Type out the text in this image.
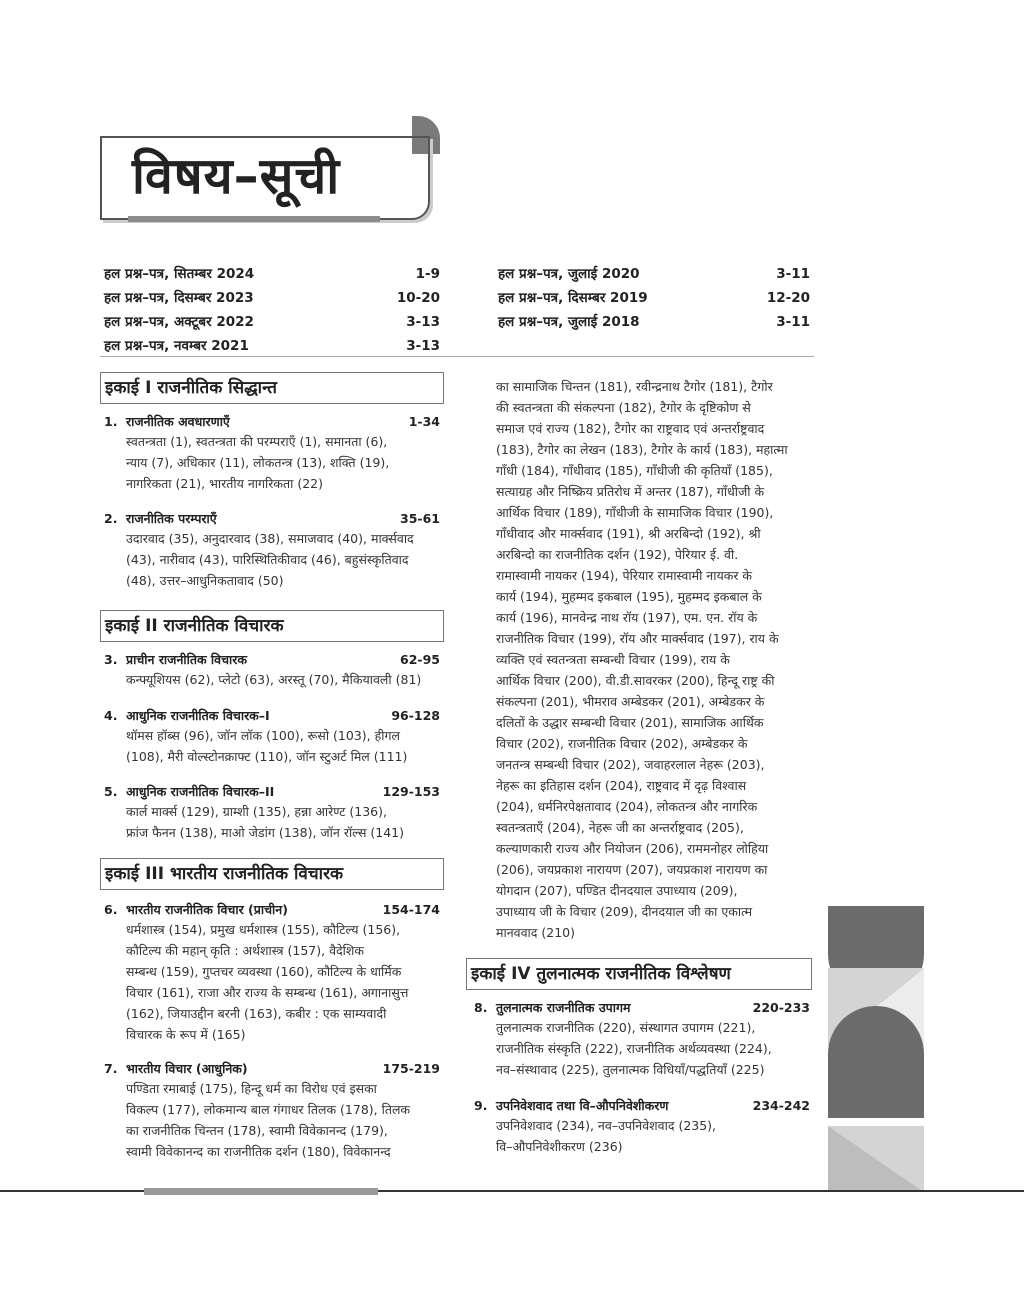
विषय–सूची
हल प्रश्न–पत्र, सितम्बर 2024	1-9
हल प्रश्न–पत्र, दिसम्बर 2023	10-20
हल प्रश्न–पत्र, अक्टूबर 2022	3-13
हल प्रश्न–पत्र, नवम्बर 2021	3-13
हल प्रश्न–पत्र, जुलाई 2020	3-11
हल प्रश्न–पत्र, दिसम्बर 2019	12-20
हल प्रश्न–पत्र, जुलाई 2018	3-11
इकाई I राजनीतिक सिद्धान्त
1. राजनीतिक अवधारणाएँ	1-34
स्वतन्त्रता (1), स्वतन्त्रता की परम्पराएँ (1), समानता (6),
न्याय (7), अधिकार (11), लोकतन्त्र (13), शक्ति (19),
नागरिकता (21), भारतीय नागरिकता (22)
2. राजनीतिक परम्पराएँ	35-61
उदारवाद (35), अनुदारवाद (38), समाजवाद (40), मार्क्सवाद
(43), नारीवाद (43), पारिस्थितिकीवाद (46), बहुसंस्कृतिवाद
(48), उत्तर–आधुनिकतावाद (50)
इकाई II राजनीतिक विचारक
3. प्राचीन राजनीतिक विचारक	62-95
कन्फ्यूशियस (62), प्लेटो (63), अरस्तू (70), मैकियावली (81)
4. आधुनिक राजनीतिक विचारक–I	96-128
थॉमस हॉब्स (96), जॉन लॉक (100), रूसो (103), हीगल
(108), मैरी वोल्स्टोनक्राफ्ट (110), जॉन स्टुअर्ट मिल (111)
5. आधुनिक राजनीतिक विचारक–II	129-153
कार्ल मार्क्स (129), ग्राम्शी (135), हन्ना आरेण्ट (136),
फ्रांज फैनन (138), माओ जेडांग (138), जॉन रॉल्स (141)
इकाई III भारतीय राजनीतिक विचारक
6. भारतीय राजनीतिक विचार (प्राचीन)	154-174
धर्मशास्त्र (154), प्रमुख धर्मशास्त्र (155), कौटिल्य (156),
कौटिल्य की महान् कृति : अर्थशास्त्र (157), वैदेशिक
सम्बन्ध (159), गुप्तचर व्यवस्था (160), कौटिल्य के धार्मिक
विचार (161), राजा और राज्य के सम्बन्ध (161), अगानासुत्त
(162), जियाउद्दीन बरनी (163), कबीर : एक साम्यवादी
विचारक के रूप में (165)
7. भारतीय विचार (आधुनिक)	175-219
पण्डिता रमाबाई (175), हिन्दू धर्म का विरोध एवं इसका
विकल्प (177), लोकमान्य बाल गंगाधर तिलक (178), तिलक
का राजनीतिक चिन्तन (178), स्वामी विवेकानन्द (179),
स्वामी विवेकानन्द का राजनीतिक दर्शन (180), विवेकानन्द
का सामाजिक चिन्तन (181), रवीन्द्रनाथ टैगोर (181), टैगोर
की स्वतन्त्रता की संकल्पना (182), टैगोर के दृष्टिकोण से
समाज एवं राज्य (182), टैगोर का राष्ट्रवाद एवं अन्तर्राष्ट्रवाद
(183), टैगोर का लेखन (183), टैगोर के कार्य (183), महात्मा
गाँधी (184), गाँधीवाद (185), गाँधीजी की कृतियाँ (185),
सत्याग्रह और निष्क्रिय प्रतिरोध में अन्तर (187), गाँधीजी के
आर्थिक विचार (189), गाँधीजी के सामाजिक विचार (190),
गाँधीवाद और मार्क्सवाद (191), श्री अरबिन्दो (192), श्री
अरबिन्दो का राजनीतिक दर्शन (192), पेरियार ई. वी.
रामास्वामी नायकर (194), पेरियार रामास्वामी नायकर के
कार्य (194), मुहम्मद इकबाल (195), मुहम्मद इकबाल के
कार्य (196), मानवेन्द्र नाथ रॉय (197), एम. एन. रॉय के
राजनीतिक विचार (199), रॉय और मार्क्सवाद (197), राय के
व्यक्ति एवं स्वतन्त्रता सम्बन्धी विचार (199), राय के
आर्थिक विचार (200), वी.डी.सावरकर (200), हिन्दू राष्ट्र की
संकल्पना (201), भीमराव अम्बेडकर (201), अम्बेडकर के
दलितों के उद्धार सम्बन्धी विचार (201), सामाजिक आर्थिक
विचार (202), राजनीतिक विचार (202), अम्बेडकर के
जनतन्त्र सम्बन्धी विचार (202), जवाहरलाल नेहरू (203),
नेहरू का इतिहास दर्शन (204), राष्ट्रवाद में दृढ़ विश्वास
(204), धर्मनिरपेक्षतावाद (204), लोकतन्त्र और नागरिक
स्वतन्त्रताएँ (204), नेहरू जी का अन्तर्राष्ट्रवाद (205),
कल्याणकारी राज्य और नियोजन (206), राममनोहर लोहिया
(206), जयप्रकाश नारायण (207), जयप्रकाश नारायण का
योगदान (207), पण्डित दीनदयाल उपाध्याय (209),
उपाध्याय जी के विचार (209), दीनदयाल जी का एकात्म
मानववाद (210)
इकाई IV तुलनात्मक राजनीतिक विश्लेषण
8. तुलनात्मक राजनीतिक उपागम	220-233
तुलनात्मक राजनीतिक (220), संस्थागत उपागम (221),
राजनीतिक संस्कृति (222), राजनीतिक अर्थव्यवस्था (224),
नव–संस्थावाद (225), तुलनात्मक विधियाँ/पद्धतियाँ (225)
9. उपनिवेशवाद तथा वि–औपनिवेशीकरण	234-242
उपनिवेशवाद (234), नव–उपनिवेशवाद (235),
वि–औपनिवेशीकरण (236)
